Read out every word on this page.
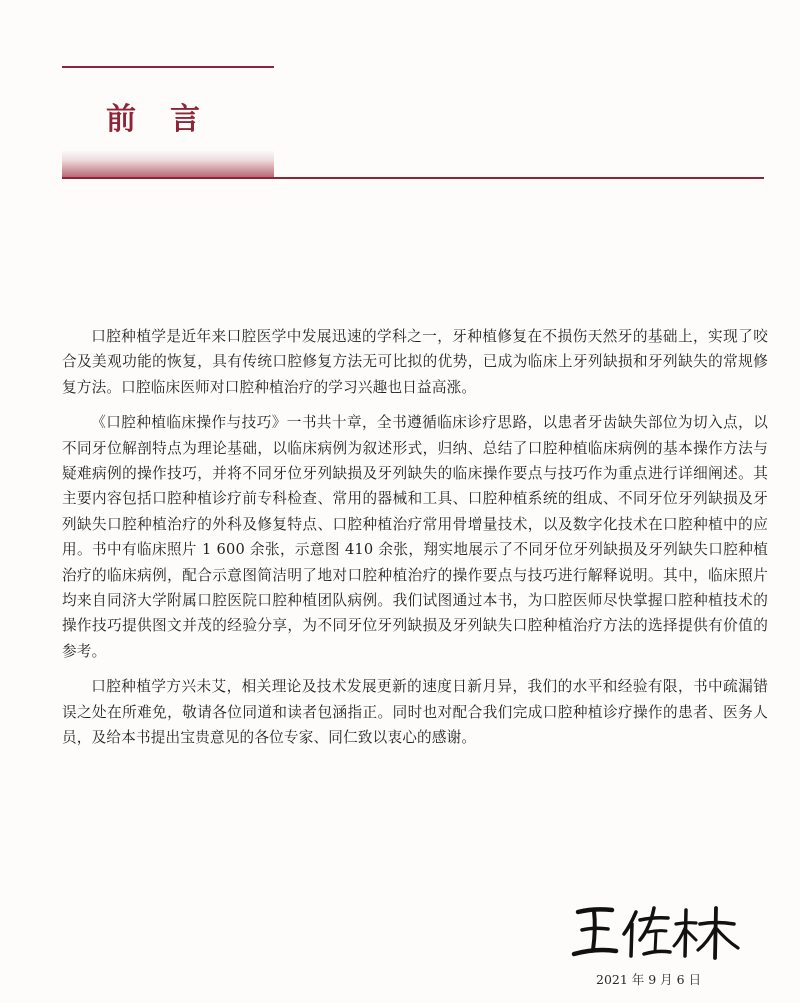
前言

口腔种植学是近年来口腔医学中发展迅速的学科之一，牙种植修复在不损伤天然牙的基础上，实现了咬合及美观功能的恢复，具有传统口腔修复方法无可比拟的优势，已成为临床上牙列缺损和牙列缺失的常规修复方法。口腔临床医师对口腔种植治疗的学习兴趣也日益高涨。

《口腔种植临床操作与技巧》一书共十章，全书遵循临床诊疗思路，以患者牙齿缺失部位为切入点，以不同牙位解剖特点为理论基础，以临床病例为叙述形式，归纳、总结了口腔种植临床病例的基本操作方法与疑难病例的操作技巧，并将不同牙位牙列缺损及牙列缺失的临床操作要点与技巧作为重点进行详细阐述。其主要内容包括口腔种植诊疗前专科检查、常用的器械和工具、口腔种植系统的组成、不同牙位牙列缺损及牙列缺失口腔种植治疗的外科及修复特点、口腔种植治疗常用骨增量技术，以及数字化技术在口腔种植中的应用。书中有临床照片 1 600 余张，示意图 410 余张，翔实地展示了不同牙位牙列缺损及牙列缺失口腔种植治疗的临床病例，配合示意图简洁明了地对口腔种植治疗的操作要点与技巧进行解释说明。其中，临床照片均来自同济大学附属口腔医院口腔种植团队病例。我们试图通过本书，为口腔医师尽快掌握口腔种植技术的操作技巧提供图文并茂的经验分享，为不同牙位牙列缺损及牙列缺失口腔种植治疗方法的选择提供有价值的参考。

口腔种植学方兴未艾，相关理论及技术发展更新的速度日新月异，我们的水平和经验有限，书中疏漏错误之处在所难免，敬请各位同道和读者包涵指正。同时也对配合我们完成口腔种植诊疗操作的患者、医务人员，及给本书提出宝贵意见的各位专家、同仁致以衷心的感谢。

2021 年 9 月 6 日
